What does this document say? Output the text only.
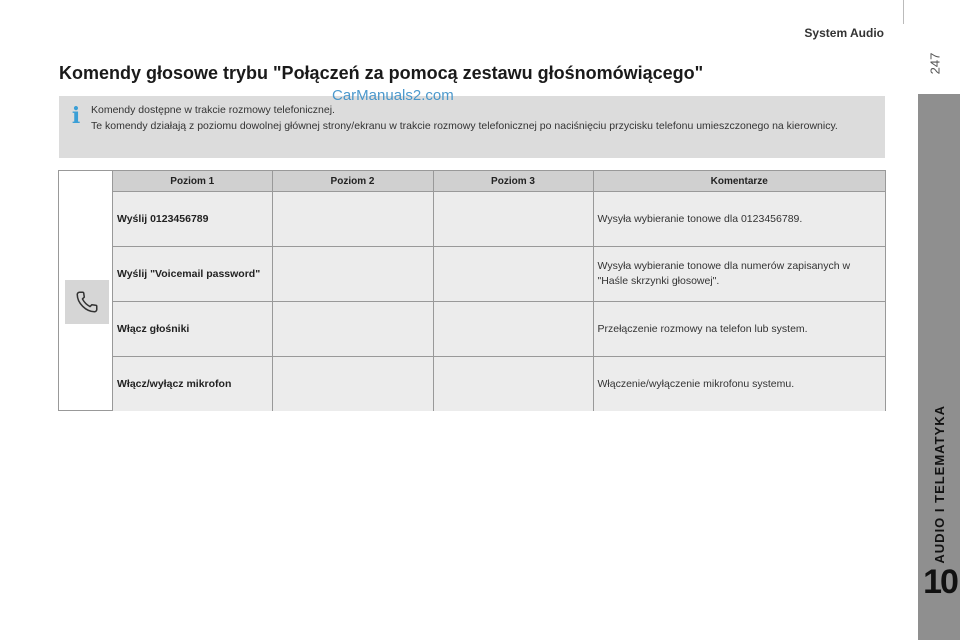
System Audio
247
AUDIO I TELEMATYKA
10
Komendy głosowe trybu "Połączeń za pomocą zestawu głośnomówiącego"
i Komendy dostępne w trakcie rozmowy telefonicznej.

Te komendy działają z poziomu dowolnej głównej strony/ekranu w trakcie rozmowy telefonicznej po naciśnięciu przycisku telefonu umieszczonego na kierownicy.

CarManuals2.com
Poziom 1	Poziom 2	Poziom 3	Komentarze
Wyślij 0123456789			Wysyła wybieranie tonowe dla 0123456789.
Wyślij "Voicemail password"			Wysyła wybieranie tonowe dla numerów zapisanych w "Haśle skrzynki głosowej".
Włącz głośniki			Przełączenie rozmowy na telefon lub system.
Włącz/wyłącz mikrofon			Włączenie/wyłączenie mikrofonu systemu.
